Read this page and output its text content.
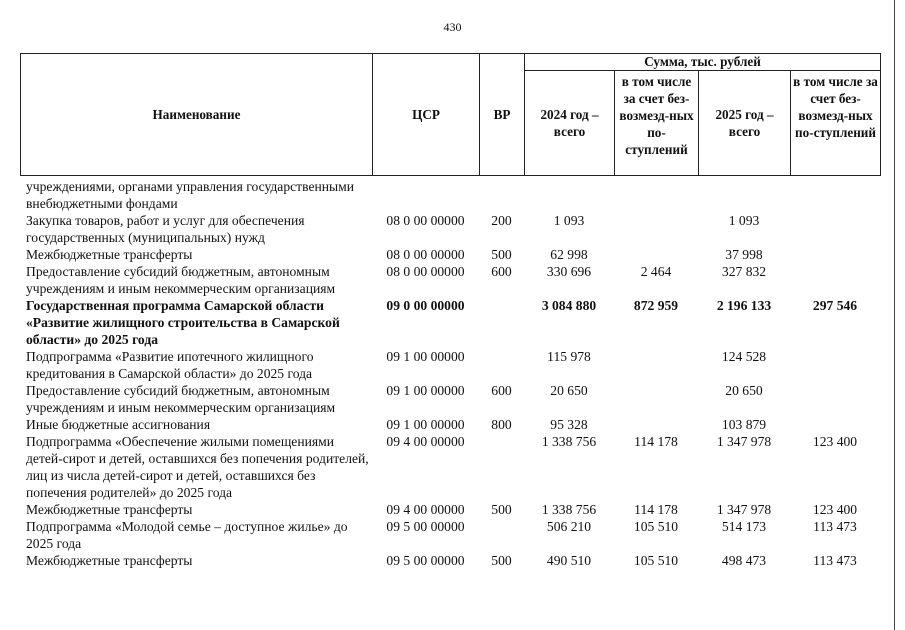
430
Наименование	ЦСР	ВР	Сумма, тыс. рублей			
			2024 год – всего	в том числе за счет без-возмезд-ных по-ступлений	2025 год – всего	в том числе за счет без-возмезд-ных по-ступлений
учреждениями, органами управления государственными внебюджетными фондами						
Закупка товаров, работ и услуг для обеспечения государственных (муниципальных) нужд	08 0 00 00000	200	1 093		1 093	
Межбюджетные трансферты	08 0 00 00000	500	62 998		37 998	
Предоставление субсидий бюджетным, автономным учреждениям и иным некоммерческим организациям	08 0 00 00000	600	330 696	2 464	327 832	
Государственная программа Самарской области «Развитие жилищного строительства в Самарской области» до 2025 года	09 0 00 00000		3 084 880	872 959	2 196 133	297 546
Подпрограмма «Развитие ипотечного жилищного кредитования в Самарской области» до 2025 года	09 1 00 00000		115 978		124 528	
Предоставление субсидий бюджетным, автономным учреждениям и иным некоммерческим организациям	09 1 00 00000	600	20 650		20 650	
Иные бюджетные ассигнования	09 1 00 00000	800	95 328		103 879	
Подпрограмма «Обеспечение жилыми помещениями детей-сирот и детей, оставшихся без попечения родителей, лиц из числа детей-сирот и детей, оставшихся без попечения родителей» до 2025 года	09 4 00 00000		1 338 756	114 178	1 347 978	123 400
Межбюджетные трансферты	09 4 00 00000	500	1 338 756	114 178	1 347 978	123 400
Подпрограмма «Молодой семье – доступное жилье» до 2025 года	09 5 00 00000		506 210	105 510	514 173	113 473
Межбюджетные трансферты	09 5 00 00000	500	490 510	105 510	498 473	113 473
